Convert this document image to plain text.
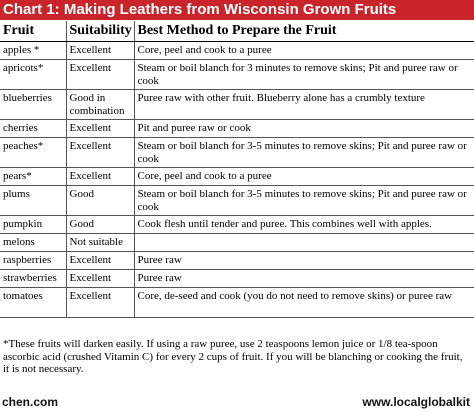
Chart 1: Making Leathers from Wisconsin Grown Fruits
Fruit	Suitability	Best Method to Prepare the Fruit
apples *	Excellent	Core, peel and cook to a puree
apricots*	Excellent	Steam or boil blanch for 3 minutes to remove skins; Pit and puree raw or cook
blueberries	Good in combination	Puree raw with other fruit. Blueberry alone has a crumbly texture
cherries	Excellent	Pit and puree raw or cook
peaches*	Excellent	Steam or boil blanch for 3-5 minutes to remove skins; Pit and puree raw or cook
pears*	Excellent	Core, peel and cook to a puree
plums	Good	Steam or boil blanch for 3-5 minutes to remove skins; Pit and puree raw or cook
pumpkin	Good	Cook flesh until tender and puree. This combines well with apples.
melons	Not suitable	
raspberries	Excellent	Puree raw
strawberries	Excellent	Puree raw
tomatoes	Excellent	Core, de-seed and cook (you do not need to remove skins) or puree raw
*These fruits will darken easily. If using a raw puree, use 2 teaspoons lemon juice or 1/8 tea-spoon ascorbic acid (crushed Vitamin C) for every 2 cups of fruit. If you will be blanching or cooking the fruit, it is not necessary.
chen.com	www.localglobalkit
